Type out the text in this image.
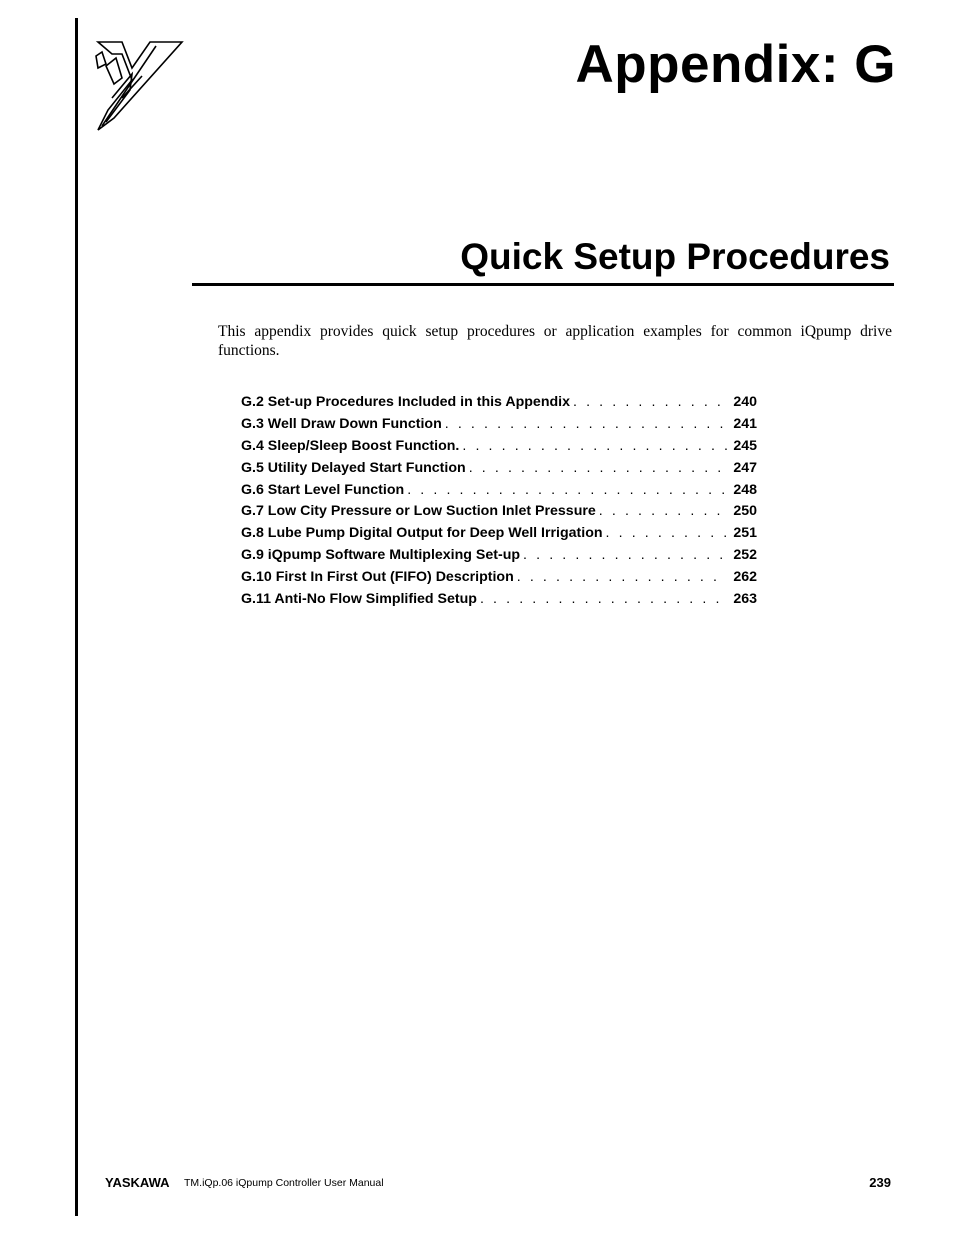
Appendix: G
Quick Setup Procedures
This appendix provides quick setup procedures or application examples for common iQpump drive functions.
G.2 Set-up Procedures Included in this Appendix . . .	240
G.3 Well Draw Down Function . . .	241
G.4 Sleep/Sleep Boost Function. . . .	245
G.5 Utility Delayed Start Function . . .	247
G.6 Start Level Function . . .	248
G.7 Low City Pressure or Low Suction Inlet Pressure . . .	250
G.8 Lube Pump Digital Output for Deep Well Irrigation . . .	251
G.9 iQpump Software Multiplexing Set-up . . .	252
G.10 First In First Out (FIFO) Description . . .	262
G.11 Anti-No Flow Simplified Setup . . .	263
YASKAWA TM.iQp.06 iQpump Controller User Manual	239
